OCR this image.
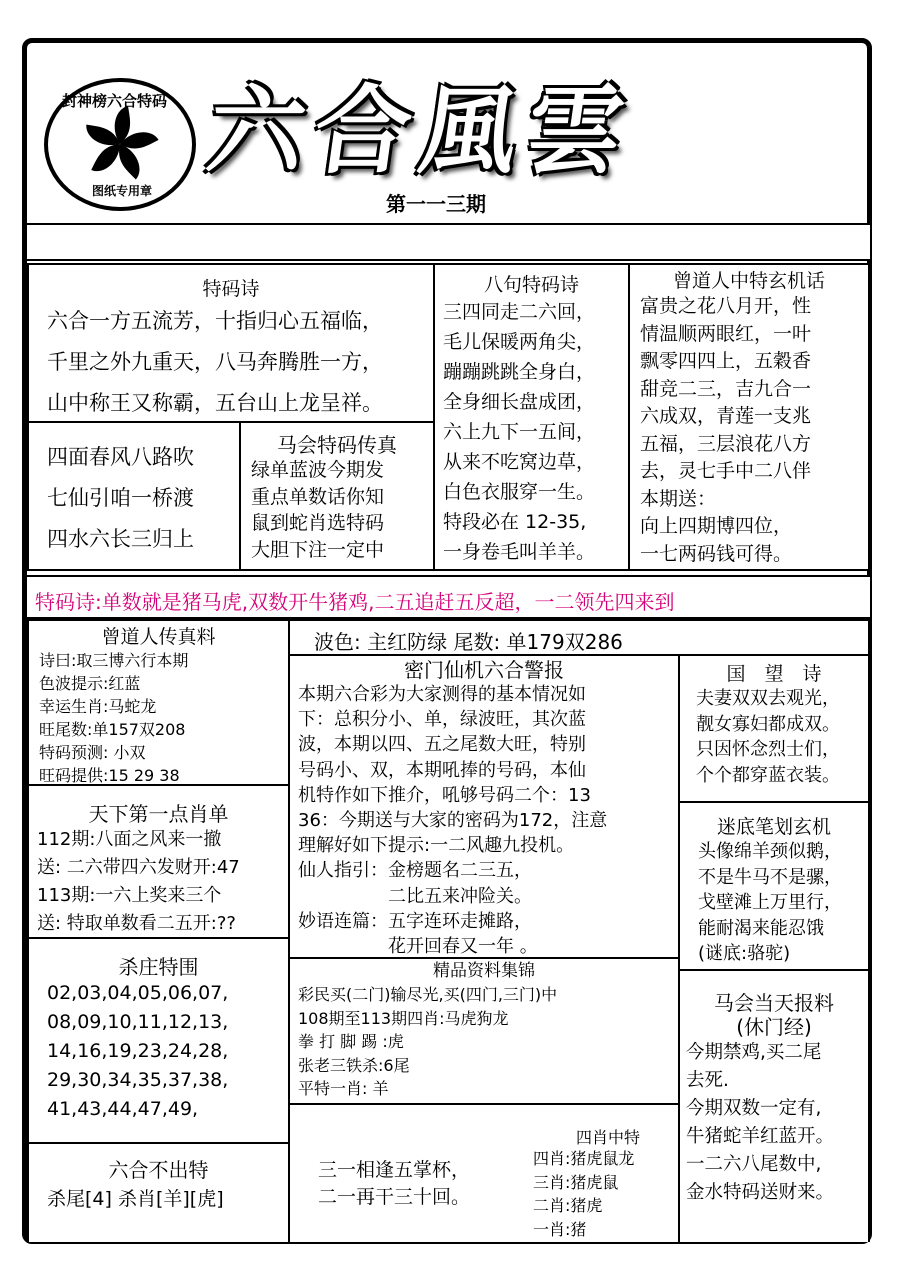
封神榜六合特码
图纸专用章
六合風雲
第一一三期
特码诗
六合一方五流芳，十指归心五福临，
千里之外九重天，八马奔腾胜一方，
山中称王又称霸，五台山上龙呈祥。
八句特码诗
三四同走二六回，
毛儿保暖两角尖，
蹦蹦跳跳全身白，
全身细长盘成团，
六上九下一五间，
从来不吃窝边草，
白色衣服穿一生。
特段必在 12-35,
一身卷毛叫羊羊。
曾道人中特玄机话
富贵之花八月开，性
情温顺两眼红，一叶
飘零四四上，五穀香
甜竞二三，吉九合一
六成双，青莲一支兆
五福，三层浪花八方
去，灵七手中二八伴
本期送：
向上四期博四位，
一七两码钱可得。
四面春风八路吹
七仙引咱一桥渡
四水六长三归上
马会特码传真
绿单蓝波今期发
重点单数话你知
鼠到蛇肖选特码
大胆下注一定中
特码诗:单数就是猪马虎,双数开牛猪鸡,二五追赶五反超，一二领先四来到
曾道人传真料
诗曰:取三博六行本期
色波提示:红蓝
幸运生肖:马蛇龙
旺尾数:单157双208
特码预测: 小双
旺码提供:15 29 38
天下第一点肖单
112期:八面之风来一撤
送: 二六带四六发财开:47
113期:一六上奖来三个
送: 特取单数看二五开:??
杀庄特围
02,03,04,05,06,07,
08,09,10,11,12,13,
14,16,19,23,24,28,
29,30,34,35,37,38,
41,43,44,47,49,
六合不出特
杀尾[4] 杀肖[羊][虎]
波色: 主红防绿 尾数: 单179双286
密门仙机六合警报
本期六合彩为大家测得的基本情况如
下：总积分小、单，绿波旺，其次蓝
波，本期以四、五之尾数大旺，特别
号码小、双，本期吼捧的号码，本仙
机特作如下推介，吼够号码二个：13
36：今期送与大家的密码为172，注意
理解好如下提示:一二风趣九投机。
仙人指引：金榜题名二三五，
　　　　　二比五来冲险关。
妙语连篇：五字连环走摊路，
　　　　　花开回春又一年 。
精品资料集锦
彩民买(二门)输尽光,买(四门,三门)中
108期至113期四肖:马虎狗龙
拳 打 脚 踢 :虎
张老三铁杀:6尾
平特一肖: 羊
三一相逢五掌杯，
二一再干三十回。
四肖中特
四肖:猪虎鼠龙
三肖:猪虎鼠
二肖:猪虎
一肖:猪
国　望　诗
夫妻双双去观光，
靓女寡妇都成双。
只因怀念烈士们，
个个都穿蓝衣装。
迷底笔划玄机
头像绵羊颈似鹅，
不是牛马不是骡，
戈壁滩上万里行，
能耐渴来能忍饿
(谜底:骆驼)
马会当天报料
(休门经)
今期禁鸡,买二尾
去死.
今期双数一定有,
牛猪蛇羊红蓝开。
一二六八尾数中,
金水特码送财来。
